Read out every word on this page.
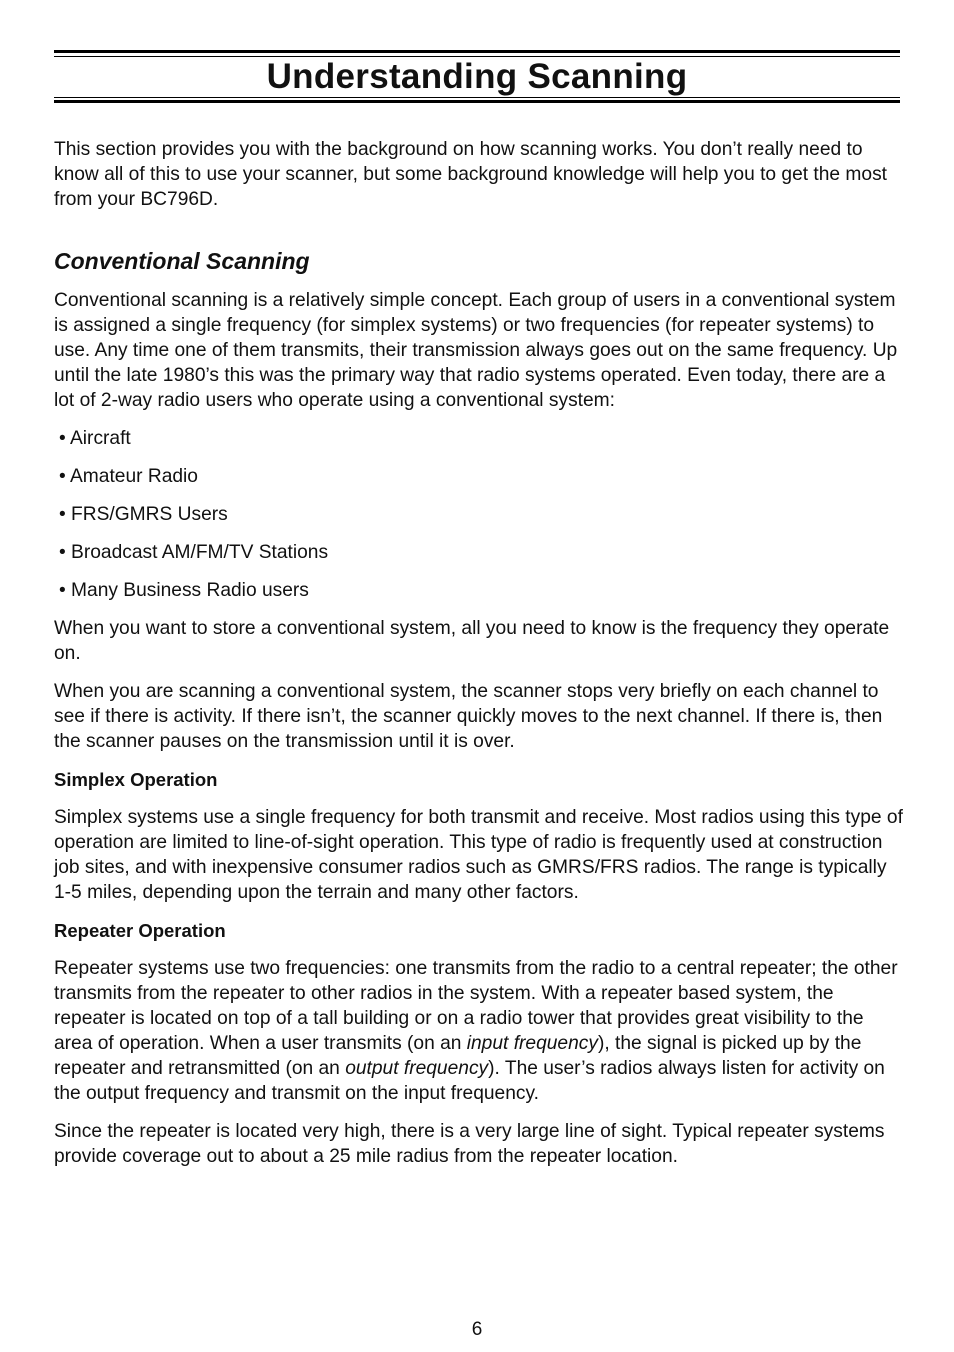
Understanding Scanning

This section provides you with the background on how scanning works. You don’t really need to know all of this to use your scanner, but some background knowledge will help you to get the most from your BC796D.

Conventional Scanning

Conventional scanning is a relatively simple concept. Each group of users in a conventional system is assigned a single frequency (for simplex systems) or two frequencies (for repeater systems) to use. Any time one of them transmits, their transmission always goes out on the same frequency. Up until the late 1980’s this was the primary way that radio systems operated. Even today, there are a lot of 2-way radio users who operate using a conventional system:

• Aircraft
• Amateur Radio
• FRS/GMRS Users
• Broadcast AM/FM/TV Stations
• Many Business Radio users

When you want to store a conventional system, all you need to know is the frequency they operate on.

When you are scanning a conventional system, the scanner stops very briefly on each channel to see if there is activity. If there isn’t, the scanner quickly moves to the next channel. If there is, then the scanner pauses on the transmission until it is over.

Simplex Operation

Simplex systems use a single frequency for both transmit and receive. Most radios using this type of operation are limited to line-of-sight operation. This type of radio is frequently used at construction job sites, and with inexpensive consumer radios such as GMRS/FRS radios. The range is typically 1-5 miles, depending upon the terrain and many other factors.

Repeater Operation

Repeater systems use two frequencies: one transmits from the radio to a central repeater; the other transmits from the repeater to other radios in the system. With a repeater based system, the repeater is located on top of a tall building or on a radio tower that provides great visibility to the area of operation. When a user transmits (on an input frequency), the signal is picked up by the repeater and retransmitted (on an output frequency). The user’s radios always listen for activity on the output frequency and transmit on the input frequency.

Since the repeater is located very high, there is a very large line of sight. Typical repeater systems provide coverage out to about a 25 mile radius from the repeater location.

6
